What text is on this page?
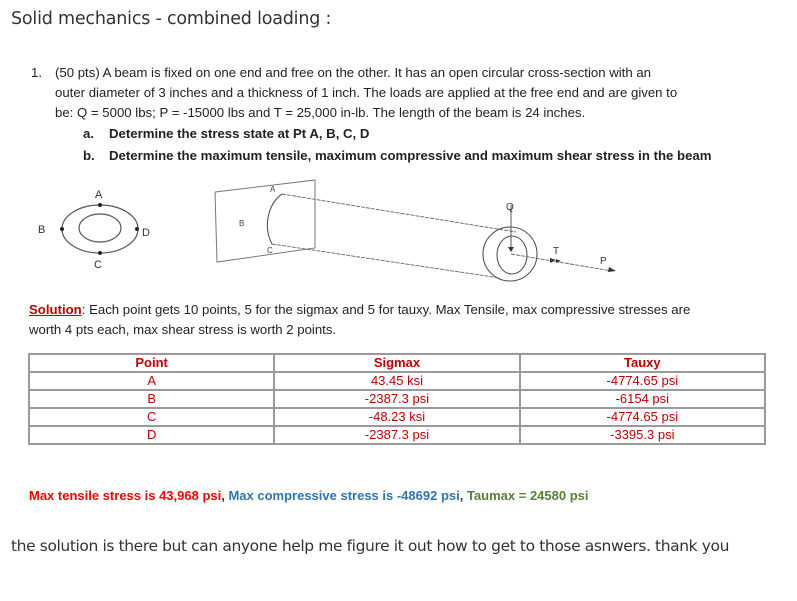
Solid mechanics - combined loading :
1. (50 pts) A beam is fixed on one end and free on the other. It has an open circular cross-section with an
outer diameter of 3 inches and a thickness of 1 inch. The loads are applied at the free end and are given to
be: Q = 5000 lbs; P = -15000 lbs and T = 25,000 in-lb. The length of the beam is 24 inches.
a. Determine the stress state at Pt A, B, C, D
b. Determine the maximum tensile, maximum compressive and maximum shear stress in the beam
A
B	D
C
A
B
C
Q
T
P
Solution: Each point gets 10 points, 5 for the sigmax and 5 for tauxy. Max Tensile, max compressive stresses are
worth 4 pts each, max shear stress is worth 2 points.
Point	Sigmax	Tauxy
A	43.45 ksi	-4774.65 psi
B	-2387.3 psi	-6154 psi
C	-48.23 ksi	-4774.65 psi
D	-2387.3 psi	-3395.3 psi
Max tensile stress is 43,968 psi, Max compressive stress is -48692 psi, Taumax = 24580 psi
the solution is there but can anyone help me figure it out how to get to those asnwers. thank you
